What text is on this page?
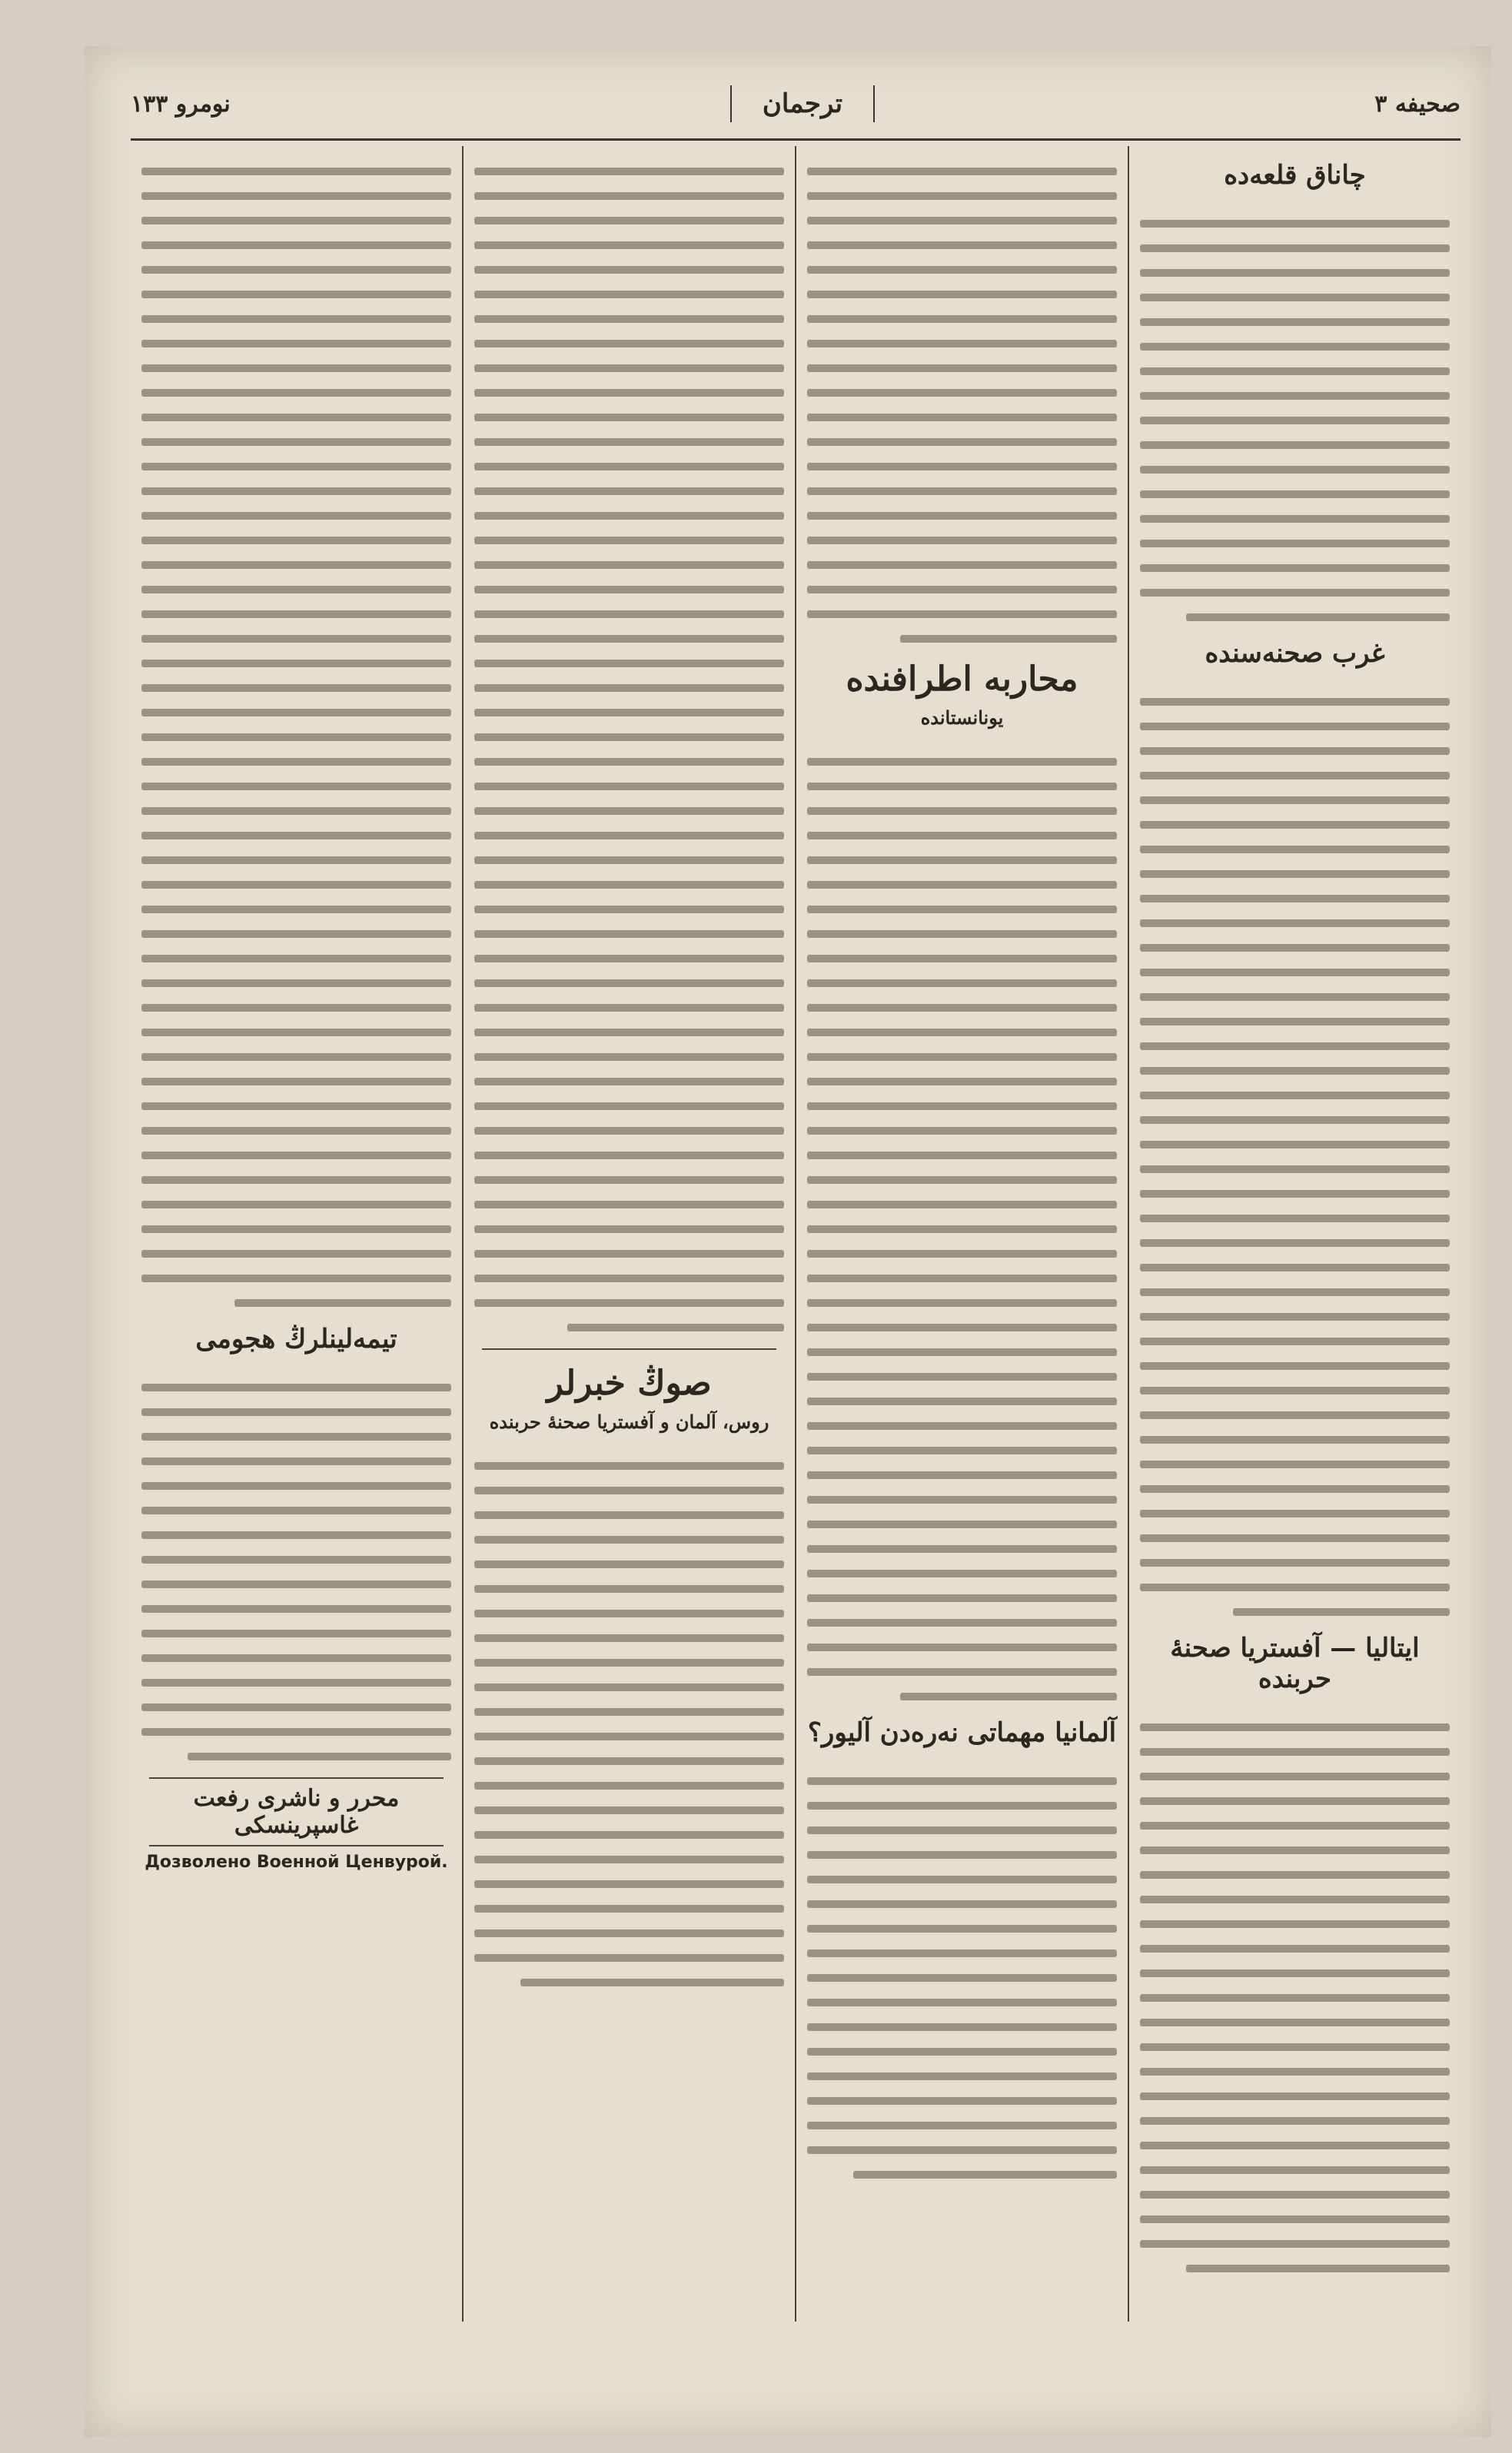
صحیفه ۳
ترجمان
نومرو ۱۳۳
چاناق قلعه‌ده
غرب صحنه‌سنده
ایتالیا — آفستریا صحنهٔ حربنده
محاربه اطرافنده
یونانستانده
آلمانیا مهماتی نه‌ره‌دن آلیور؟
صوڭ خبرلر
روس، آلمان و آفستریا صحنهٔ حربنده
تیمه‌لینلرڭ هجومی
محرر و ناشری رفعت غاسپرینسکی
Дозволено Военной Ценвурой.
